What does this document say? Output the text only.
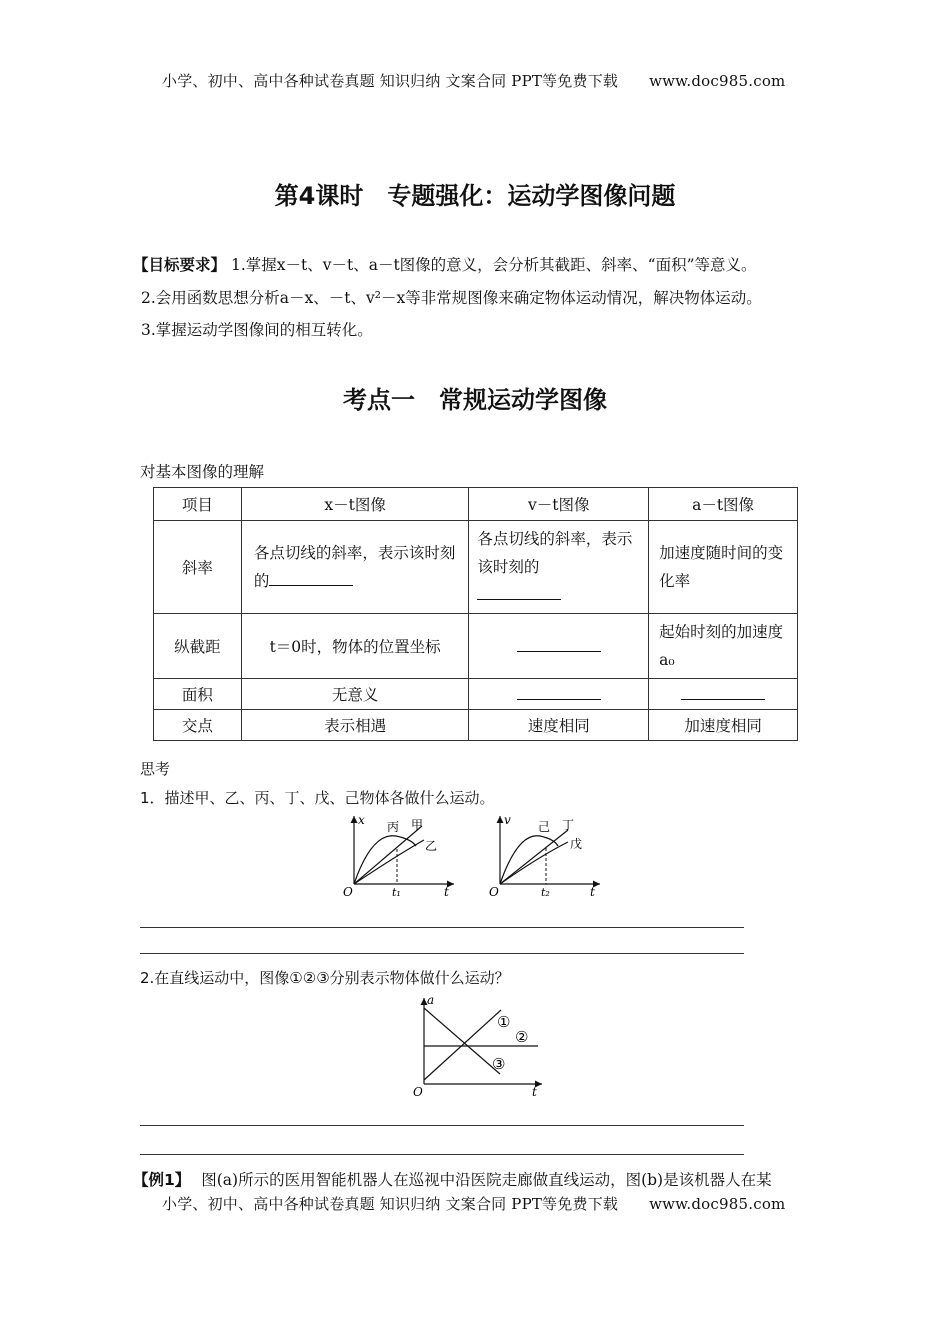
小学、初中、高中各种试卷真题 知识归纳 文案合同 PPT等免费下载 www.doc985.com
第4课时　专题强化：运动学图像问题
【目标要求】 1.掌握x－t、v－t、a－t图像的意义，会分析其截距、斜率、“面积”等意义。
2.会用函数思想分析a－x、－t、v²－x等非常规图像来确定物体运动情况，解决物体运动。
3.掌握运动学图像间的相互转化。
考点一　常规运动学图像
对基本图像的理解
项目	x－t图像	v－t图像	a－t图像
斜率	各点切线的斜率，表示该时刻的	各点切线的斜率，表示该时刻的	加速度随时间的变化率
纵截距	t＝0时，物体的位置坐标		起始时刻的加速度a₀
面积	无意义		
交点	表示相遇	速度相同	加速度相同
思考
1．描述甲、乙、丙、丁、戊、己物体各做什么运动。
x
t
O	t₁
丙 甲
乙
v
t
O	t₂
己 丁
戊
2.在直线运动中，图像①②③分别表示物体做什么运动？
a
t
O
①
②
③
【例1】 图(a)所示的医用智能机器人在巡视中沿医院走廊做直线运动，图(b)是该机器人在某
小学、初中、高中各种试卷真题 知识归纳 文案合同 PPT等免费下载 www.doc985.com
